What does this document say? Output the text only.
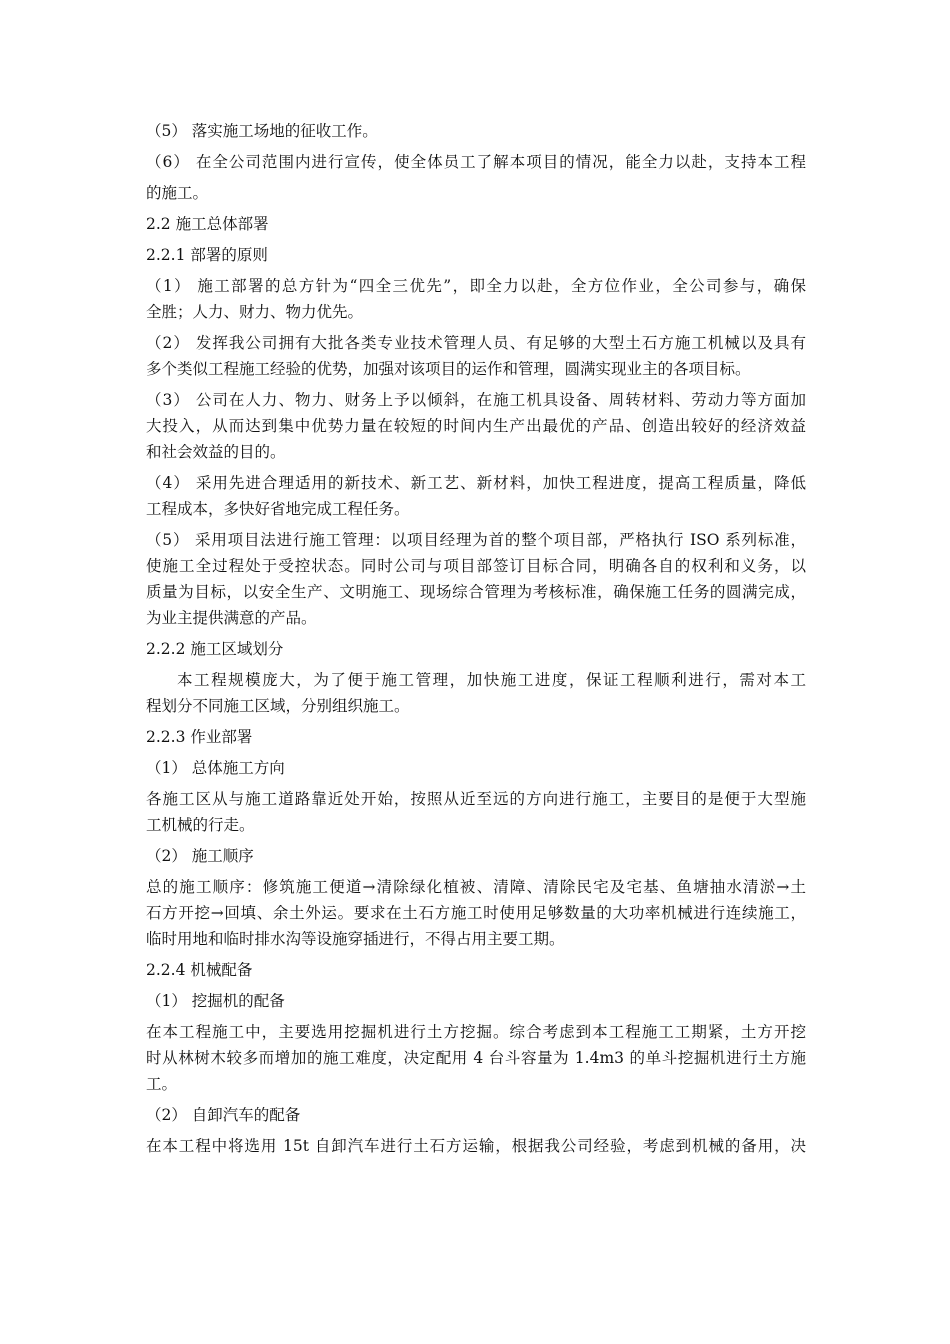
（5） 落实施工场地的征收工作。
（6） 在全公司范围内进行宣传，使全体员工了解本项目的情况，能全力以赴，支持本工程
的施工。
2.2 施工总体部署
2.2.1 部署的原则
（1） 施工部署的总方针为“四全三优先”，即全力以赴，全方位作业，全公司参与，确保
全胜；人力、财力、物力优先。
（2） 发挥我公司拥有大批各类专业技术管理人员、有足够的大型土石方施工机械以及具有
多个类似工程施工经验的优势，加强对该项目的运作和管理，圆满实现业主的各项目标。
（3） 公司在人力、物力、财务上予以倾斜，在施工机具设备、周转材料、劳动力等方面加
大投入，从而达到集中优势力量在较短的时间内生产出最优的产品、创造出较好的经济效益
和社会效益的目的。
（4） 采用先进合理适用的新技术、新工艺、新材料，加快工程进度，提高工程质量，降低
工程成本，多快好省地完成工程任务。
（5） 采用项目法进行施工管理：以项目经理为首的整个项目部，严格执行 ISO 系列标准，
使施工全过程处于受控状态。同时公司与项目部签订目标合同，明确各自的权利和义务，以
质量为目标，以安全生产、文明施工、现场综合管理为考核标准，确保施工任务的圆满完成，
为业主提供满意的产品。
2.2.2 施工区域划分
本工程规模庞大，为了便于施工管理，加快施工进度，保证工程顺利进行，需对本工
程划分不同施工区域，分别组织施工。
2.2.3 作业部署
（1） 总体施工方向
各施工区从与施工道路靠近处开始，按照从近至远的方向进行施工，主要目的是便于大型施
工机械的行走。
（2） 施工顺序
总的施工顺序：修筑施工便道→清除绿化植被、清障、清除民宅及宅基、鱼塘抽水清淤→土
石方开挖→回填、余土外运。要求在土石方施工时使用足够数量的大功率机械进行连续施工，
临时用地和临时排水沟等设施穿插进行，不得占用主要工期。
2.2.4 机械配备
（1） 挖掘机的配备
在本工程施工中，主要选用挖掘机进行土方挖掘。综合考虑到本工程施工工期紧，土方开挖
时从林树木较多而增加的施工难度，决定配用 4 台斗容量为 1.4m3 的单斗挖掘机进行土方施
工。
（2） 自卸汽车的配备
在本工程中将选用 15t 自卸汽车进行土石方运输，根据我公司经验，考虑到机械的备用，决
